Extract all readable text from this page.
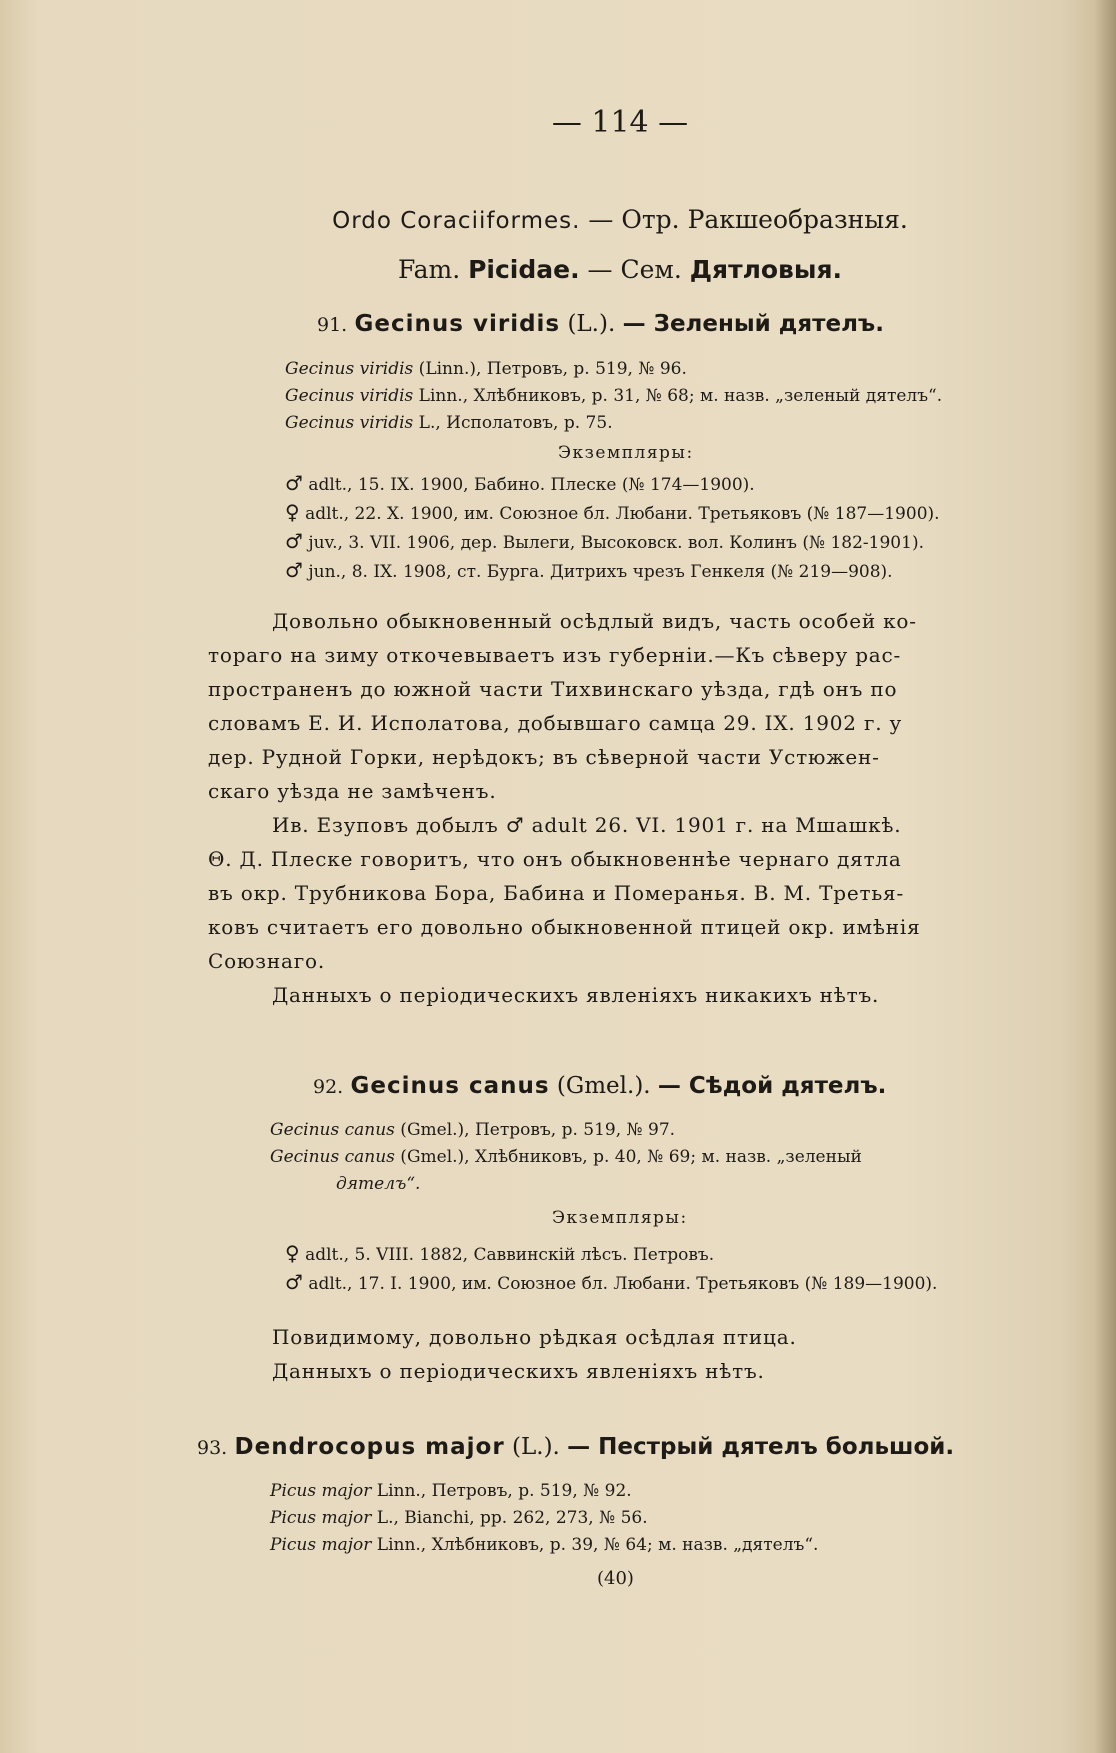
— 114 —
Ordo Coraciiformes. — Отр. Ракшеобразныя.
Fam. Picidae. — Сем. Дятловыя.
91. Gecinus viridis (L.). — Зеленый дятелъ.
Gecinus viridis (Linn.), Петровъ, p. 519, № 96.
Gecinus viridis Linn., Хлѣбниковъ, p. 31, № 68; м. назв. „зеленый дятелъ“.
Gecinus viridis L., Исполатовъ, p. 75.
Экземпляры:
♂ adlt., 15. IX. 1900, Бабино. Плеске (№ 174—1900).
♀ adlt., 22. X. 1900, им. Союзное бл. Любани. Третьяковъ (№ 187—1900).
♂ juv., 3. VII. 1906, дер. Вылеги, Высоковск. вол. Колинъ (№ 182-1901).
♂ jun., 8. IX. 1908, ст. Бурга. Дитрихъ чрезъ Генкеля (№ 219—908).

Довольно обыкновенный осѣдлый видъ, часть особей ко-

тораго на зиму откочевываетъ изъ губерніи.—Къ сѣверу рас-

пространенъ до южной части Тихвинскаго уѣзда, гдѣ онъ по

словамъ Е. И. Исполатова, добывшаго самца 29. IX. 1902 г. у

дер. Рудной Горки, нерѣдокъ; въ сѣверной части Устюжен-

скаго уѣзда не замѣченъ.

Ив. Езуповъ добылъ ♂ adult 26. VI. 1901 г. на Мшашкѣ.

Θ. Д. Плеске говоритъ, что онъ обыкновеннѣе чернаго дятла

въ окр. Трубникова Бора, Бабина и Померанья. В. М. Третья-

ковъ считаетъ его довольно обыкновенной птицей окр. имѣнія

Союзнаго.

Данныхъ о періодическихъ явленіяхъ никакихъ нѣтъ.

92. Gecinus canus (Gmel.). — Сѣдой дятелъ.
Gecinus canus (Gmel.), Петровъ, p. 519, № 97.
Gecinus canus (Gmel.), Хлѣбниковъ, p. 40, № 69; м. назв. „зеленый
дятелъ“.
Экземпляры:
♀ adlt., 5. VIII. 1882, Саввинскій лѣсъ. Петровъ.
♂ adlt., 17. I. 1900, им. Союзное бл. Любани. Третьяковъ (№ 189—1900).

Повидимому, довольно рѣдкая осѣдлая птица.

Данныхъ о періодическихъ явленіяхъ нѣтъ.

93. Dendrocopus major (L.). — Пестрый дятелъ большой.
Picus major Linn., Петровъ, p. 519, № 92.
Picus major L., Bianchi, pp. 262, 273, № 56.
Picus major Linn., Хлѣбниковъ, p. 39, № 64; м. назв. „дятелъ“.
(40)
